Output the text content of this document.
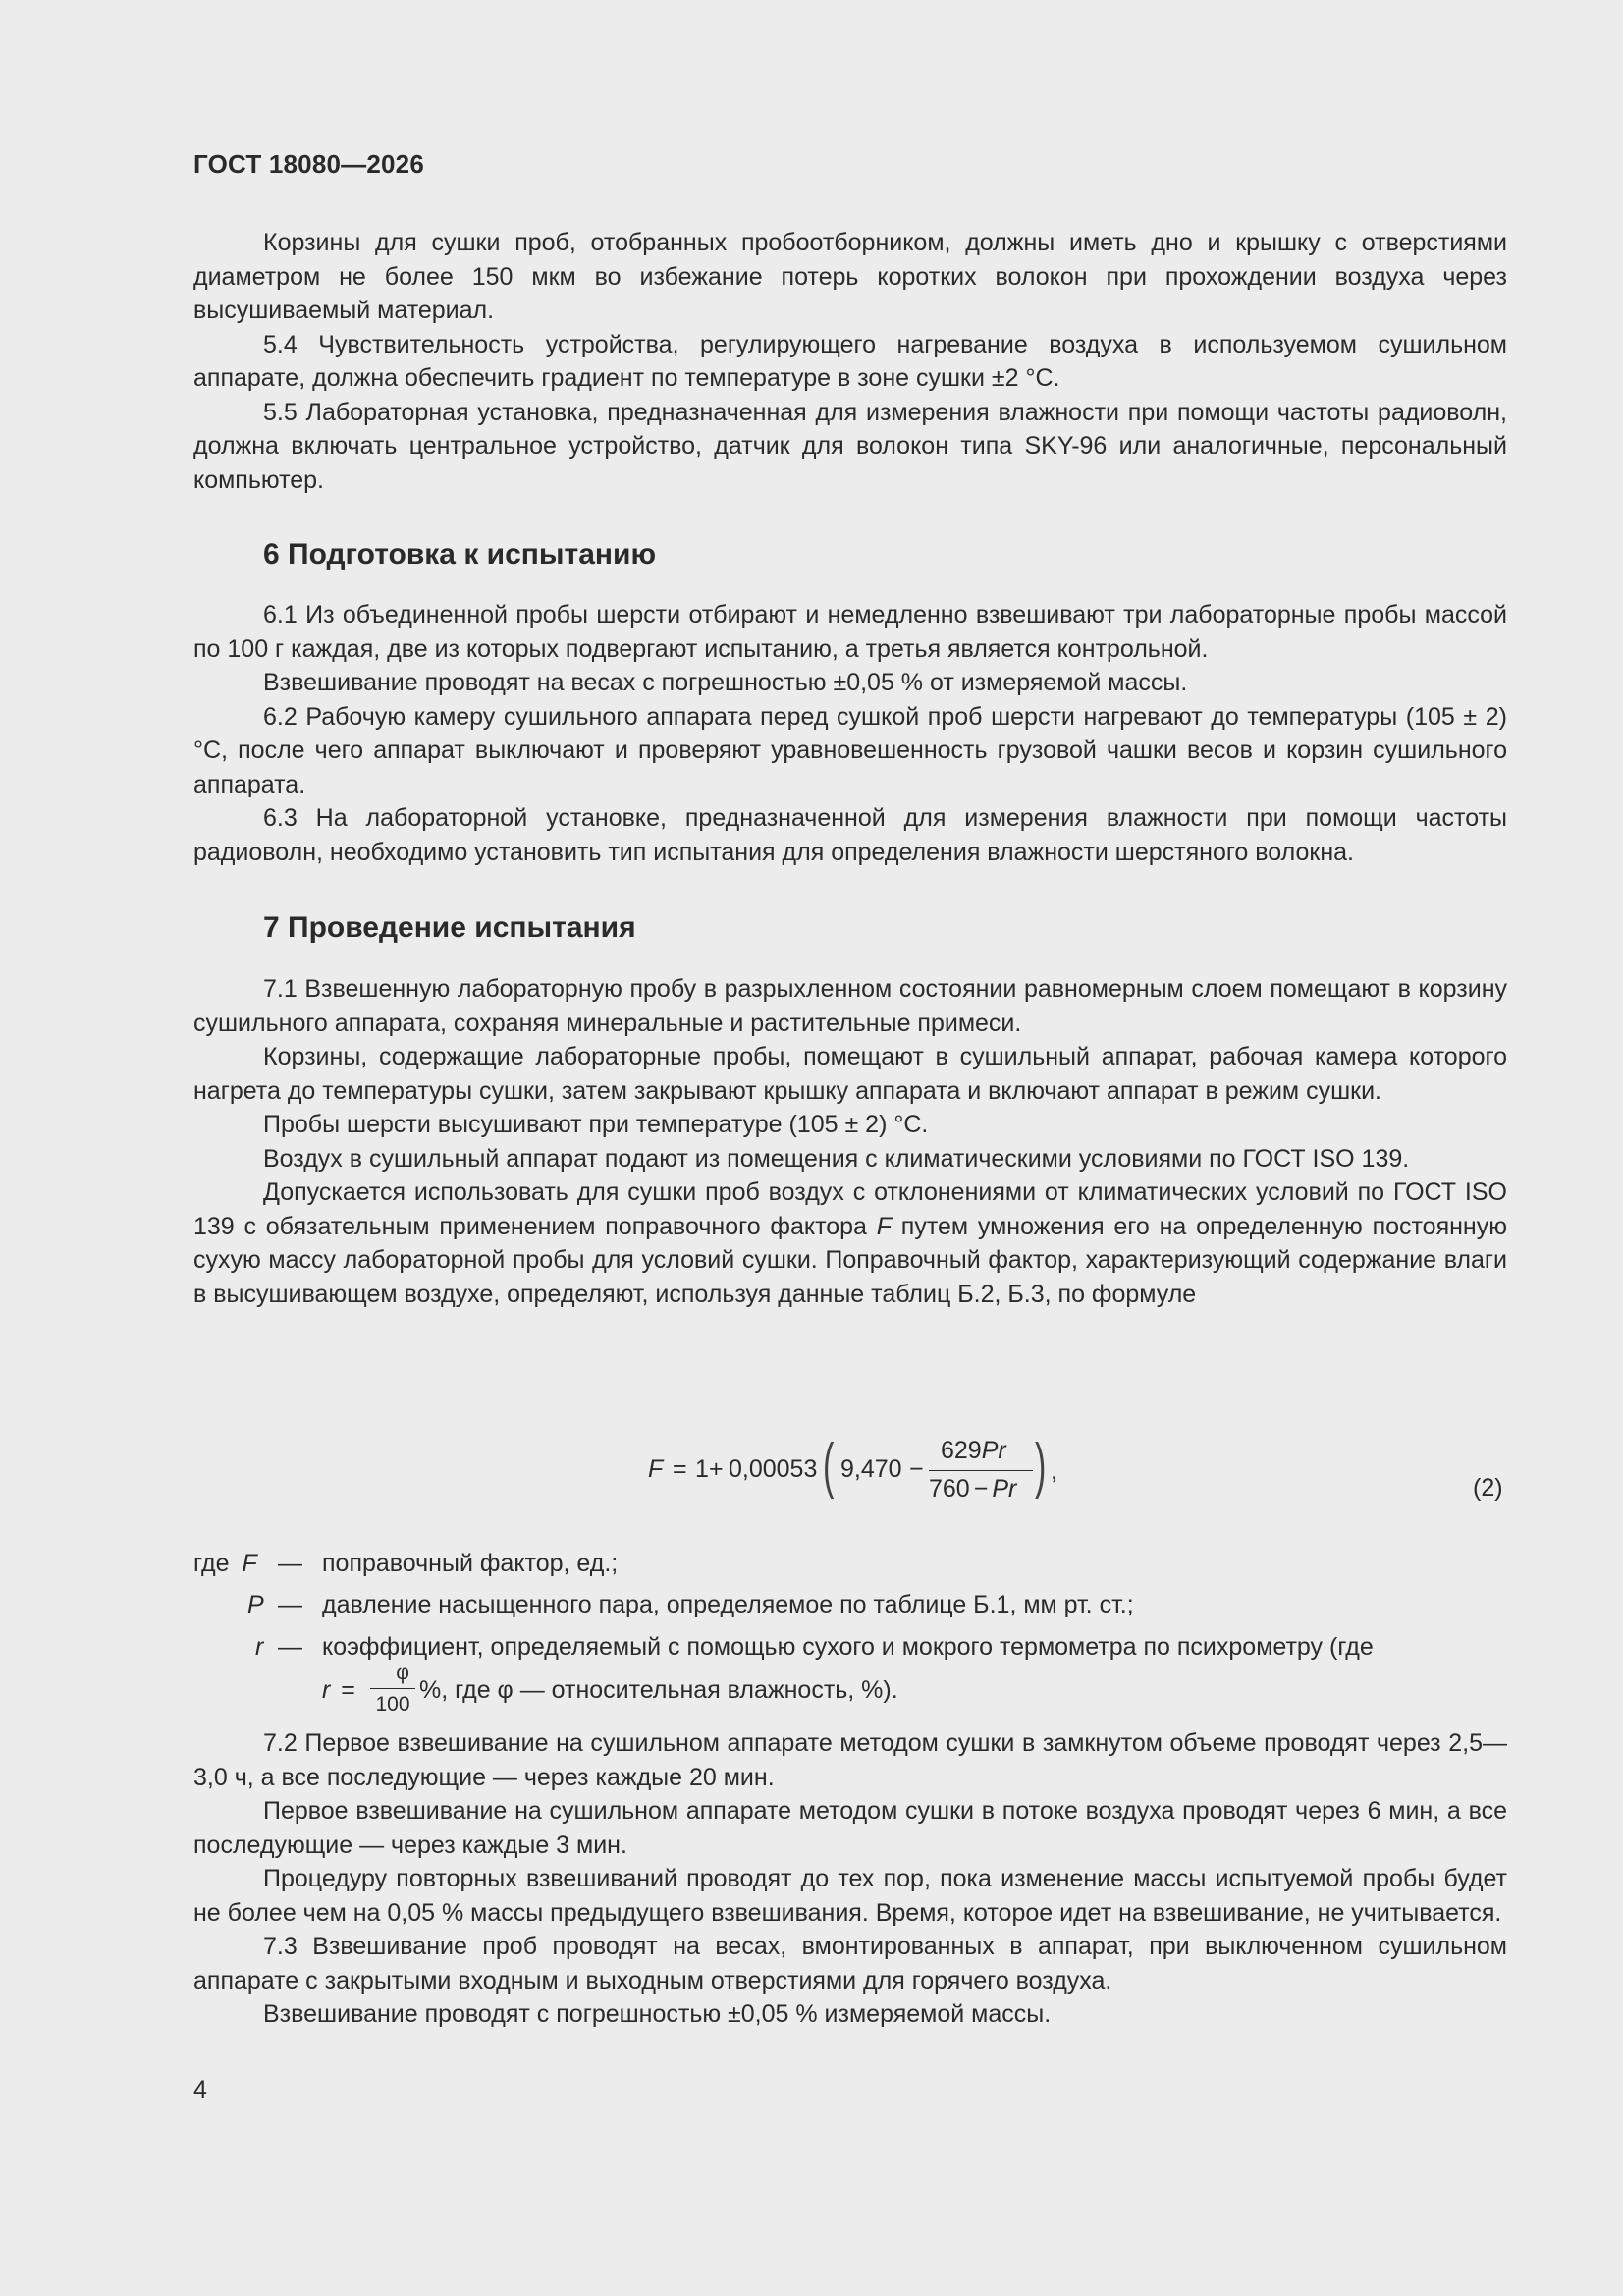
ГОСТ 18080—2026

Корзины для сушки проб, отобранных пробоотборником, должны иметь дно и крышку с отверстиями диаметром не более 150 мкм во избежание потерь коротких волокон при прохождении воздуха через высушиваемый материал.

5.4 Чувствительность устройства, регулирующего нагревание воздуха в используемом сушильном аппарате, должна обеспечить градиент по температуре в зоне сушки ±2 °С.

5.5 Лабораторная установка, предназначенная для измерения влажности при помощи частоты радиоволн, должна включать центральное устройство, датчик для волокон типа SKY-96 или аналогичные, персональный компьютер.

6 Подготовка к испытанию

6.1 Из объединенной пробы шерсти отбирают и немедленно взвешивают три лабораторные пробы массой по 100 г каждая, две из которых подвергают испытанию, а третья является контрольной.

Взвешивание проводят на весах с погрешностью ±0,05 % от измеряемой массы.

6.2 Рабочую камеру сушильного аппарата перед сушкой проб шерсти нагревают до температуры (105 ± 2) °С, после чего аппарат выключают и проверяют уравновешенность грузовой чашки весов и корзин сушильного аппарата.

6.3 На лабораторной установке, предназначенной для измерения влажности при помощи частоты радиоволн, необходимо установить тип испытания для определения влажности шерстяного волокна.

7 Проведение испытания

7.1 Взвешенную лабораторную пробу в разрыхленном состоянии равномерным слоем помещают в корзину сушильного аппарата, сохраняя минеральные и растительные примеси.

Корзины, содержащие лабораторные пробы, помещают в сушильный аппарат, рабочая камера которого нагрета до температуры сушки, затем закрывают крышку аппарата и включают аппарат в режим сушки.

Пробы шерсти высушивают при температуре (105 ± 2) °С.

Воздух в сушильный аппарат подают из помещения с климатическими условиями по ГОСТ ISO 139.

Допускается использовать для сушки проб воздух с отклонениями от климатических условий по ГОСТ ISO 139 с обязательным применением поправочного фактора F путем умножения его на определенную постоянную сухую массу лабораторной пробы для условий сушки. Поправочный фактор, характеризующий содержание влаги в высушивающем воздухе, определяют, используя данные таблиц Б.2, Б.3, по формуле

F = 1 + 0,00053 ( 9,470 −
629Pr
760 − Pr ) ,
(2)
где F — поправочный фактор, ед.;
P — давление насыщенного пара, определяемое по таблице Б.1, мм рт. ст.;
r — коэффициент, определяемый с помощью сухого и мокрого термометра по психрометру (где
r =
φ
100
%, где φ — относительная влажность, %).

7.2 Первое взвешивание на сушильном аппарате методом сушки в замкнутом объеме проводят через 2,5—3,0 ч, а все последующие — через каждые 20 мин.

Первое взвешивание на сушильном аппарате методом сушки в потоке воздуха проводят через 6 мин, а все последующие — через каждые 3 мин.

Процедуру повторных взвешиваний проводят до тех пор, пока изменение массы испытуемой пробы будет не более чем на 0,05 % массы предыдущего взвешивания. Время, которое идет на взвешивание, не учитывается.

7.3 Взвешивание проб проводят на весах, вмонтированных в аппарат, при выключенном сушильном аппарате с закрытыми входным и выходным отверстиями для горячего воздуха.

Взвешивание проводят с погрешностью ±0,05 % измеряемой массы.

4
